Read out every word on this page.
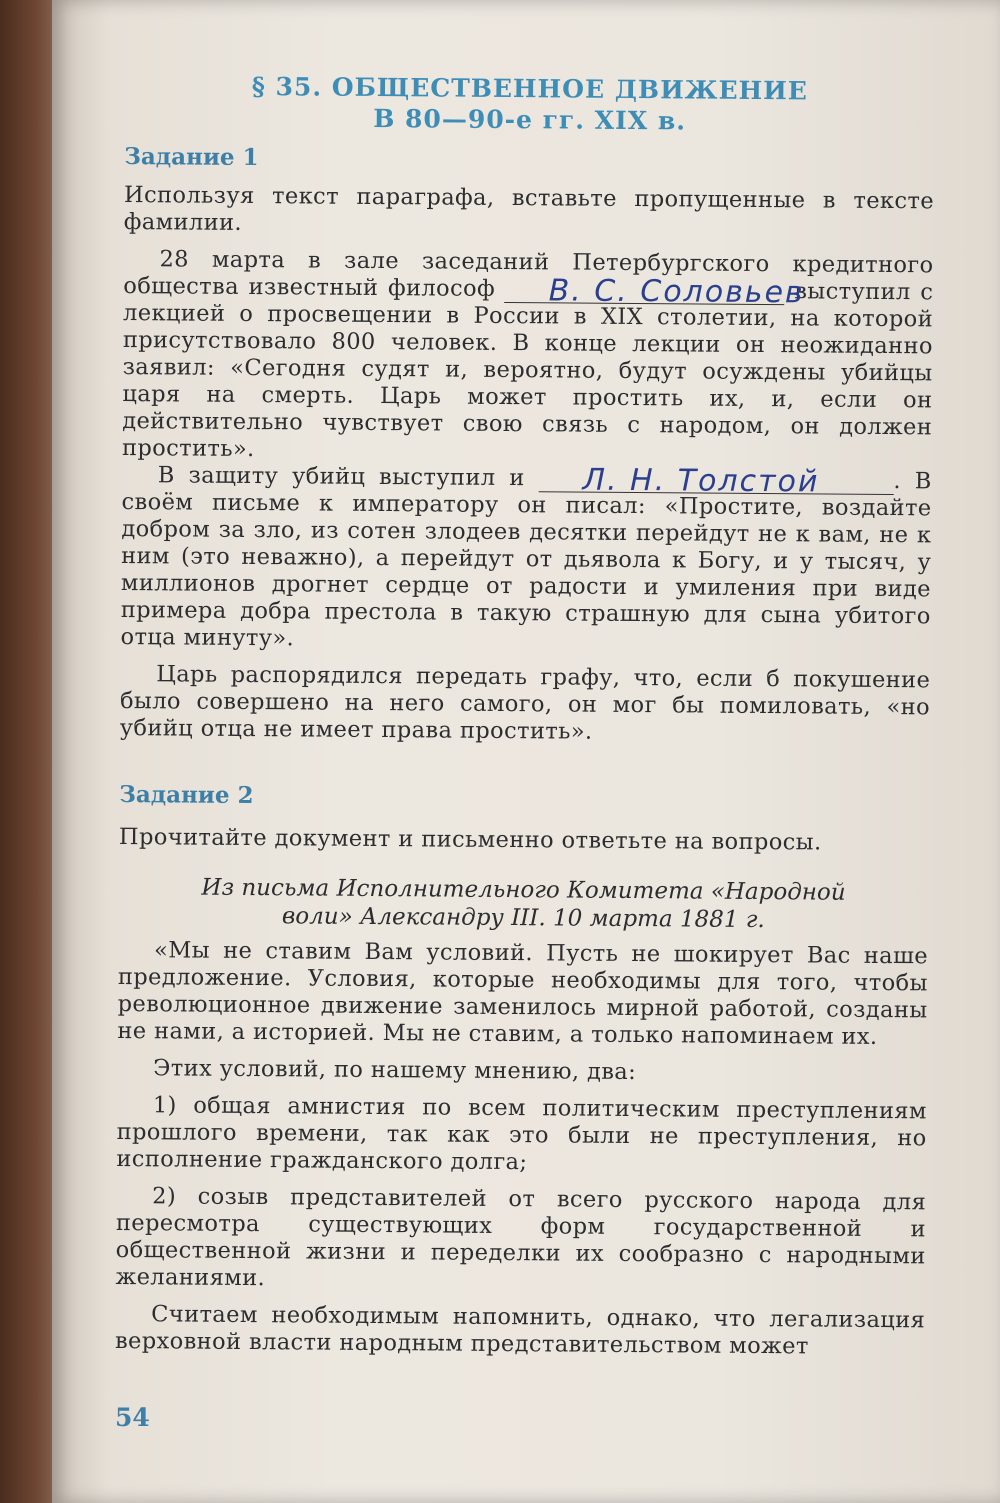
§ 35. ОБЩЕСТВЕННОЕ ДВИЖЕНИЕ
В 80—90-е гг. XIX в.
Задание 1

Используя текст параграфа, вставьте пропущенные в тексте фамилии.

28 марта в зале заседаний Петербургского кредитного общества известный философ	В. С. Соловьев
выступил с лекцией о просвещении в России в XIX столетии, на которой присутствовало 800 человек. В конце лекции он неожиданно заявил: «Сегодня судят и, вероятно, будут осуждены убийцы царя на смерть. Царь может простить их, и, если он действительно чувствует свою связь с народом, он должен простить».

В защиту убийц выступил и	Л. Н. Толстой	. В своём письме к императору он писал: «Простите, воздайте добром за зло, из сотен злодеев десятки перейдут не к вам, не к ним (это неважно), а перейдут от дьявола к Богу, и у тысяч, у миллионов дрогнет сердце от радости и умиления при виде примера добра престола в такую страшную для сына убитого отца минуту».

Царь распорядился передать графу, что, если б покушение было совершено на него самого, он мог бы помиловать, «но убийц отца не имеет права простить».

Задание 2

Прочитайте документ и письменно ответьте на вопросы.

Из письма Исполнительного Комитета «Народной
воли» Александру III. 10 марта 1881 г.

«Мы не ставим Вам условий. Пусть не шокирует Вас наше предложение. Условия, которые необходимы для того, чтобы революционное движение заменилось мирной работой, созданы не нами, а историей. Мы не ставим, а только напоминаем их.

Этих условий, по нашему мнению, два:

1) общая амнистия по всем политическим преступлениям прошлого времени, так как это были не преступления, но исполнение гражданского долга;

2) созыв представителей от всего русского народа для пересмотра существующих форм государственной и общественной жизни и переделки их сообразно с народными желаниями.

Считаем необходимым напомнить, однако, что легализация верховной власти народным представительством может

54
